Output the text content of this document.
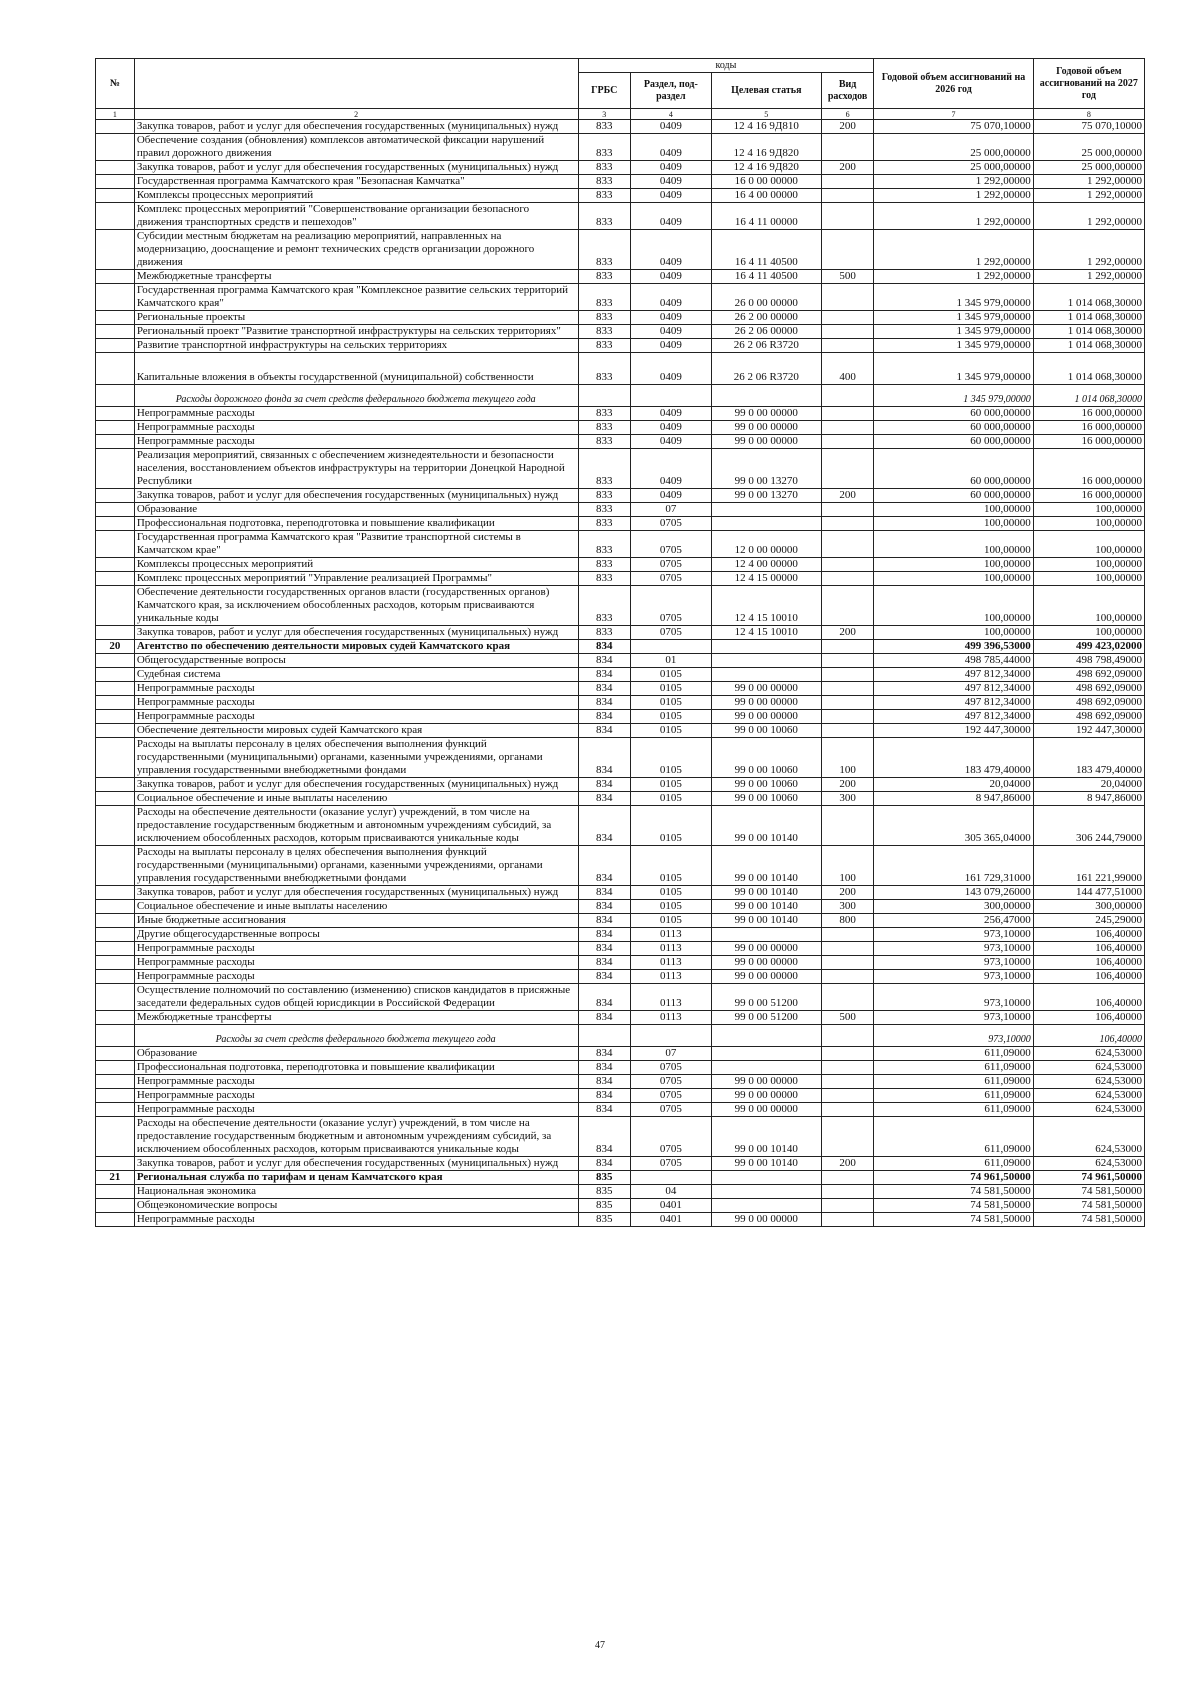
№		коды				Годовой объем ассигнований на 2026 год	Годовой объем ассигнований на 2027 год
		ГРБС	Раздел, под-раздел	Целевая статья	Вид расходов		
1	2	3	4	5	6	7	8
	Закупка товаров, работ и услуг для обеспечения государственных (муниципальных) нужд	833	0409	12 4 16 9Д810	200	75 070,10000	75 070,10000
	Обеспечение создания (обновления) комплексов автоматической фиксации нарушений правил дорожного движения	833	0409	12 4 16 9Д820		25 000,00000	25 000,00000
	Закупка товаров, работ и услуг для обеспечения государственных (муниципальных) нужд	833	0409	12 4 16 9Д820	200	25 000,00000	25 000,00000
	Государственная программа Камчатского края "Безопасная Камчатка"	833	0409	16 0 00 00000		1 292,00000	1 292,00000
	Комплексы процессных мероприятий	833	0409	16 4 00 00000		1 292,00000	1 292,00000
	Комплекс процессных мероприятий "Совершенствование организации безопасного движения транспортных средств и пешеходов"	833	0409	16 4 11 00000		1 292,00000	1 292,00000
	Субсидии местным бюджетам на реализацию мероприятий, направленных на модернизацию, дооснащение и ремонт технических средств организации дорожного движения	833	0409	16 4 11 40500		1 292,00000	1 292,00000
	Межбюджетные трансферты	833	0409	16 4 11 40500	500	1 292,00000	1 292,00000
	Государственная программа Камчатского края "Комплексное развитие сельских территорий Камчатского края"	833	0409	26 0 00 00000		1 345 979,00000	1 014 068,30000
	Региональные проекты	833	0409	26 2 00 00000		1 345 979,00000	1 014 068,30000
	Региональный проект "Развитие транспортной инфраструктуры на сельских территориях"	833	0409	26 2 06 00000		1 345 979,00000	1 014 068,30000
	Развитие транспортной инфраструктуры на сельских территориях	833	0409	26 2 06 R3720		1 345 979,00000	1 014 068,30000
	Капитальные вложения в объекты государственной (муниципальной) собственности	833	0409	26 2 06 R3720	400	1 345 979,00000	1 014 068,30000
	Расходы дорожного фонда за счет средств федерального бюджета текущего года					1 345 979,00000	1 014 068,30000
	Непрограммные расходы	833	0409	99 0 00 00000		60 000,00000	16 000,00000
	Непрограммные расходы	833	0409	99 0 00 00000		60 000,00000	16 000,00000
	Непрограммные расходы	833	0409	99 0 00 00000		60 000,00000	16 000,00000
	Реализация мероприятий, связанных с обеспечением жизнедеятельности и безопасности населения, восстановлением объектов инфраструктуры на территории Донецкой Народной Республики	833	0409	99 0 00 13270		60 000,00000	16 000,00000
	Закупка товаров, работ и услуг для обеспечения государственных (муниципальных) нужд	833	0409	99 0 00 13270	200	60 000,00000	16 000,00000
	Образование	833	07			100,00000	100,00000
	Профессиональная подготовка, переподготовка и повышение квалификации	833	0705			100,00000	100,00000
	Государственная программа Камчатского края "Развитие транспортной системы в Камчатском крае"	833	0705	12 0 00 00000		100,00000	100,00000
	Комплексы процессных мероприятий	833	0705	12 4 00 00000		100,00000	100,00000
	Комплекс процессных мероприятий "Управление реализацией Программы"	833	0705	12 4 15 00000		100,00000	100,00000
	Обеспечение деятельности государственных органов власти (государственных органов) Камчатского края, за исключением обособленных расходов, которым присваиваются уникальные коды	833	0705	12 4 15 10010		100,00000	100,00000
	Закупка товаров, работ и услуг для обеспечения государственных (муниципальных) нужд	833	0705	12 4 15 10010	200	100,00000	100,00000
20	Агентство по обеспечению деятельности мировых судей Камчатского края	834				499 396,53000	499 423,02000
	Общегосударственные вопросы	834	01			498 785,44000	498 798,49000
	Судебная система	834	0105			497 812,34000	498 692,09000
	Непрограммные расходы	834	0105	99 0 00 00000		497 812,34000	498 692,09000
	Непрограммные расходы	834	0105	99 0 00 00000		497 812,34000	498 692,09000
	Непрограммные расходы	834	0105	99 0 00 00000		497 812,34000	498 692,09000
	Обеспечение деятельности мировых судей Камчатского края	834	0105	99 0 00 10060		192 447,30000	192 447,30000
	Расходы на выплаты персоналу в целях обеспечения выполнения функций государственными (муниципальными) органами, казенными учреждениями, органами управления государственными внебюджетными фондами	834	0105	99 0 00 10060	100	183 479,40000	183 479,40000
	Закупка товаров, работ и услуг для обеспечения государственных (муниципальных) нужд	834	0105	99 0 00 10060	200	20,04000	20,04000
	Социальное обеспечение и иные выплаты населению	834	0105	99 0 00 10060	300	8 947,86000	8 947,86000
	Расходы на обеспечение деятельности (оказание услуг) учреждений, в том числе на предоставление государственным бюджетным и автономным учреждениям субсидий, за исключением обособленных расходов, которым присваиваются уникальные коды	834	0105	99 0 00 10140		305 365,04000	306 244,79000
	Расходы на выплаты персоналу в целях обеспечения выполнения функций государственными (муниципальными) органами, казенными учреждениями, органами управления государственными внебюджетными фондами	834	0105	99 0 00 10140	100	161 729,31000	161 221,99000
	Закупка товаров, работ и услуг для обеспечения государственных (муниципальных) нужд	834	0105	99 0 00 10140	200	143 079,26000	144 477,51000
	Социальное обеспечение и иные выплаты населению	834	0105	99 0 00 10140	300	300,00000	300,00000
	Иные бюджетные ассигнования	834	0105	99 0 00 10140	800	256,47000	245,29000
	Другие общегосударственные вопросы	834	0113			973,10000	106,40000
	Непрограммные расходы	834	0113	99 0 00 00000		973,10000	106,40000
	Непрограммные расходы	834	0113	99 0 00 00000		973,10000	106,40000
	Непрограммные расходы	834	0113	99 0 00 00000		973,10000	106,40000
	Осуществление полномочий по составлению (изменению) списков кандидатов в присяжные заседатели федеральных судов общей юрисдикции в Российской Федерации	834	0113	99 0 00 51200		973,10000	106,40000
	Межбюджетные трансферты	834	0113	99 0 00 51200	500	973,10000	106,40000
	Расходы за счет средств федерального бюджета текущего года					973,10000	106,40000
	Образование	834	07			611,09000	624,53000
	Профессиональная подготовка, переподготовка и повышение квалификации	834	0705			611,09000	624,53000
	Непрограммные расходы	834	0705	99 0 00 00000		611,09000	624,53000
	Непрограммные расходы	834	0705	99 0 00 00000		611,09000	624,53000
	Непрограммные расходы	834	0705	99 0 00 00000		611,09000	624,53000
	Расходы на обеспечение деятельности (оказание услуг) учреждений, в том числе на предоставление государственным бюджетным и автономным учреждениям субсидий, за исключением обособленных расходов, которым присваиваются уникальные коды	834	0705	99 0 00 10140		611,09000	624,53000
	Закупка товаров, работ и услуг для обеспечения государственных (муниципальных) нужд	834	0705	99 0 00 10140	200	611,09000	624,53000
21	Региональная служба по тарифам и ценам Камчатского края	835				74 961,50000	74 961,50000
	Национальная экономика	835	04			74 581,50000	74 581,50000
	Общеэкономические вопросы	835	0401			74 581,50000	74 581,50000
	Непрограммные расходы	835	0401	99 0 00 00000		74 581,50000	74 581,50000
47
